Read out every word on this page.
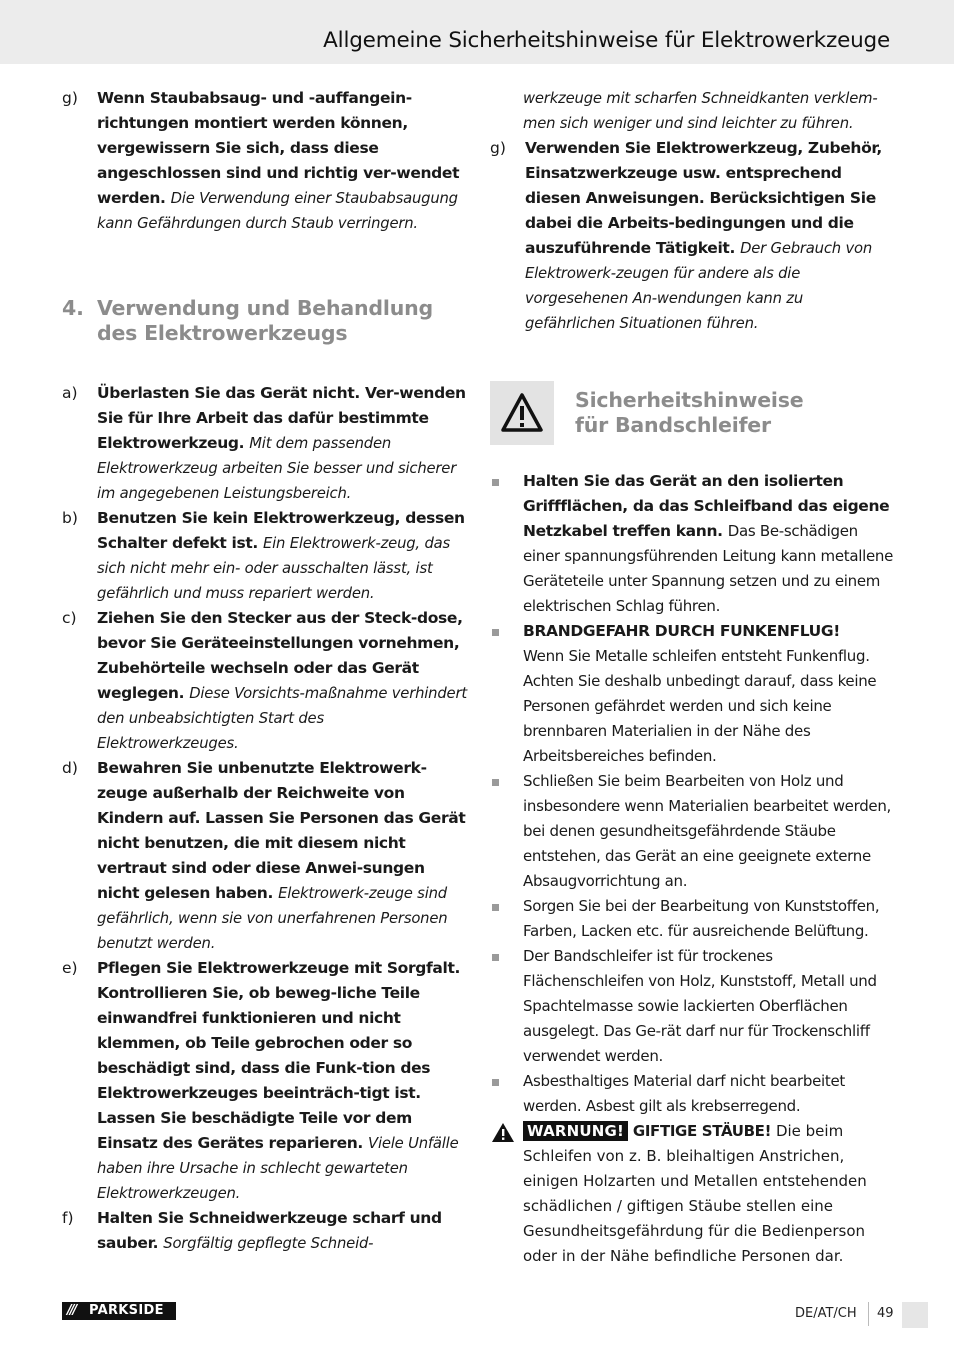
Allgemeine Sicherheitshinweise für Elektrowerkzeuge

g) Wenn Staubabsaug- und -auffangein-richtungen montiert werden können, vergewissern Sie sich, dass diese angeschlossen sind und richtig ver-wendet werden. Die Verwendung einer Staubabsaugung kann Gefährdungen durch Staub verringern.

4. Verwendung und Behandlung des Elektrowerkzeugs

a) Überlasten Sie das Gerät nicht. Ver-wenden Sie für Ihre Arbeit das dafür bestimmte Elektrowerkzeug. Mit dem passenden Elektrowerkzeug arbeiten Sie besser und sicherer im angegebenen Leistungsbereich.

b) Benutzen Sie kein Elektrowerkzeug, dessen Schalter defekt ist. Ein Elektrowerk-zeug, das sich nicht mehr ein- oder ausschalten lässt, ist gefährlich und muss repariert werden.

c) Ziehen Sie den Stecker aus der Steck-dose, bevor Sie Geräteeinstellungen vornehmen, Zubehörteile wechseln oder das Gerät weglegen. Diese Vorsichts-maßnahme verhindert den unbeabsichtigten Start des Elektrowerkzeuges.

d) Bewahren Sie unbenutzte Elektrowerk-zeuge außerhalb der Reichweite von Kindern auf. Lassen Sie Personen das Gerät nicht benutzen, die mit diesem nicht vertraut sind oder diese Anwei-sungen nicht gelesen haben. Elektrowerk-zeuge sind gefährlich, wenn sie von unerfahrenen Personen benutzt werden.

e) Pflegen Sie Elektrowerkzeuge mit Sorgfalt. Kontrollieren Sie, ob beweg-liche Teile einwandfrei funktionieren und nicht klemmen, ob Teile gebrochen oder so beschädigt sind, dass die Funk-tion des Elektrowerkzeuges beeinträch-tigt ist. Lassen Sie beschädigte Teile vor dem Einsatz des Gerätes reparieren. Viele Unfälle haben ihre Ursache in schlecht gewarteten Elektrowerkzeugen.

f) Halten Sie Schneidwerkzeuge scharf und sauber. Sorgfältig gepflegte Schneid-

werkzeuge mit scharfen Schneidkanten verklem-men sich weniger und sind leichter zu führen.

g) Verwenden Sie Elektrowerkzeug, Zubehör, Einsatzwerkzeuge usw. entsprechend diesen Anweisungen. Berücksichtigen Sie dabei die Arbeits-bedingungen und die auszuführende Tätigkeit. Der Gebrauch von Elektrowerk-zeugen für andere als die vorgesehenen An-wendungen kann zu gefährlichen Situationen führen.

Sicherheitshinweise für Bandschleifer

Halten Sie das Gerät an den isolierten Griffflächen, da das Schleifband das eigene Netzkabel treffen kann. Das Be-schädigen einer spannungsführenden Leitung kann metallene Geräteteile unter Spannung setzen und zu einem elektrischen Schlag führen.

BRANDGEFAHR DURCH FUNKENFLUG!
Wenn Sie Metalle schleifen entsteht Funkenflug. Achten Sie deshalb unbedingt darauf, dass keine Personen gefährdet werden und sich keine brennbaren Materialien in der Nähe des Arbeitsbereiches befinden.

Schließen Sie beim Bearbeiten von Holz und insbesondere wenn Materialien bearbeitet werden, bei denen gesundheitsgefährdende Stäube entstehen, das Gerät an eine geeignete externe Absaugvorrichtung an.

Sorgen Sie bei der Bearbeitung von Kunststoffen, Farben, Lacken etc. für ausreichende Belüftung.

Der Bandschleifer ist für trockenes Flächenschleifen von Holz, Kunststoff, Metall und Spachtelmasse sowie lackierten Oberflächen ausgelegt. Das Ge-rät darf nur für Trockenschliff verwendet werden.

Asbesthaltiges Material darf nicht bearbeitet werden. Asbest gilt als krebserregend.

WARNUNG! GIFTIGE STÄUBE! Die beim Schleifen von z. B. bleihaltigen Anstrichen, einigen Holzarten und Metallen entstehenden schädlichen / giftigen Stäube stellen eine Gesundheitsgefährdung für die Bedienperson oder in der Nähe befindliche Personen dar.

/// PARKSIDE	DE/AT/CH 49
